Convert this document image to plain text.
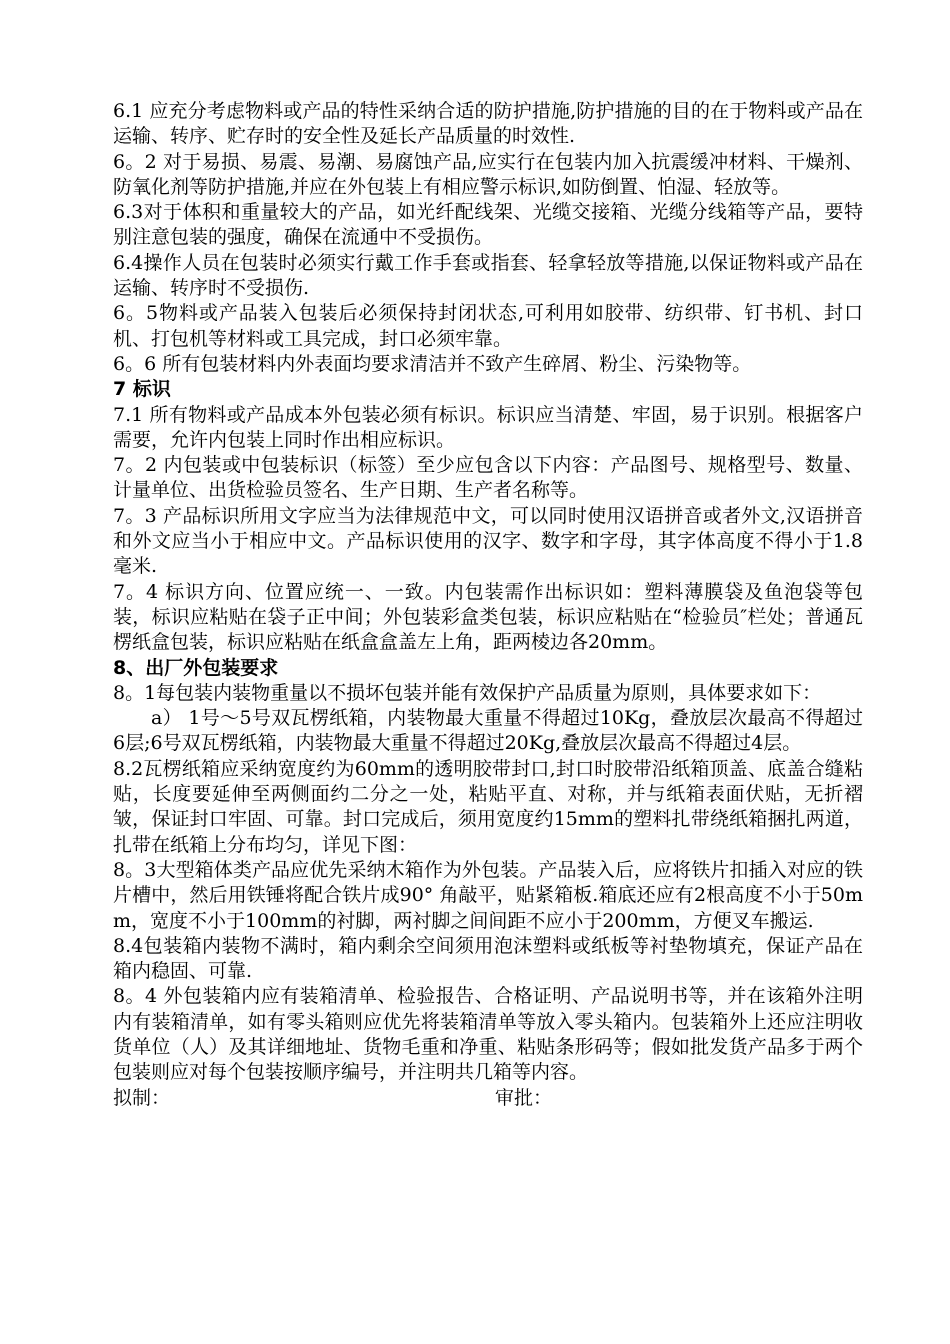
6.1 应充分考虑物料或产品的特性采纳合适的防护措施,防护措施的目的在于物料或产品在运输、转序、贮存时的安全性及延长产品质量的时效性.

6。2 对于易损、易震、易潮、易腐蚀产品,应实行在包装内加入抗震缓冲材料、干燥剂、防氧化剂等防护措施,并应在外包装上有相应警示标识,如防倒置、怕湿、轻放等。

6.3对于体积和重量较大的产品，如光纤配线架、光缆交接箱、光缆分线箱等产品，要特别注意包装的强度，确保在流通中不受损伤。

6.4操作人员在包装时必须实行戴工作手套或指套、轻拿轻放等措施,以保证物料或产品在运输、转序时不受损伤.

6。5物料或产品装入包装后必须保持封闭状态,可利用如胶带、纺织带、钉书机、封口机、打包机等材料或工具完成，封口必须牢靠。

6。6 所有包装材料内外表面均要求清洁并不致产生碎屑、粉尘、污染物等。

7 标识

7.1 所有物料或产品成本外包装必须有标识。标识应当清楚、牢固，易于识别。根据客户需要，允许内包装上同时作出相应标识。

7。2 内包装或中包装标识（标签）至少应包含以下内容：产品图号、规格型号、数量、计量单位、出货检验员签名、生产日期、生产者名称等。

7。3 产品标识所用文字应当为法律规范中文，可以同时使用汉语拼音或者外文,汉语拼音和外文应当小于相应中文。产品标识使用的汉字、数字和字母，其字体高度不得小于1.8毫米.

7。4 标识方向、位置应统一、一致。内包装需作出标识如：塑料薄膜袋及鱼泡袋等包装，标识应粘贴在袋子正中间；外包装彩盒类包装，标识应粘贴在“检验员″栏处；普通瓦楞纸盒包装，标识应粘贴在纸盒盒盖左上角，距两棱边各20mm。

8、出厂外包装要求

8。1每包装内装物重量以不损坏包装并能有效保护产品质量为原则，具体要求如下：

a） 1号～5号双瓦楞纸箱，内装物最大重量不得超过10Kg，叠放层次最高不得超过6层;6号双瓦楞纸箱，内装物最大重量不得超过20Kg,叠放层次最高不得超过4层。

8.2瓦楞纸箱应采纳宽度约为60mm的透明胶带封口,封口时胶带沿纸箱顶盖、底盖合缝粘贴，长度要延伸至两侧面约二分之一处，粘贴平直、对称，并与纸箱表面伏贴，无折褶皱，保证封口牢固、可靠。封口完成后，须用宽度约15mm的塑料扎带绕纸箱捆扎两道，扎带在纸箱上分布均匀，详见下图：

8。3大型箱体类产品应优先采纳木箱作为外包装。产品装入后，应将铁片扣插入对应的铁片槽中，然后用铁锤将配合铁片成90° 角敲平，贴紧箱板.箱底还应有2根高度不小于50mm，宽度不小于100mm的衬脚，两衬脚之间间距不应小于200mm，方便叉车搬运.

8.4包装箱内装物不满时，箱内剩余空间须用泡沫塑料或纸板等衬垫物填充，保证产品在箱内稳固、可靠.

8。4 外包装箱内应有装箱清单、检验报告、合格证明、产品说明书等，并在该箱外注明内有装箱清单，如有零头箱则应优先将装箱清单等放入零头箱内。包装箱外上还应注明收货单位（人）及其详细地址、货物毛重和净重、粘贴条形码等；假如批发货产品多于两个包装则应对每个包装按顺序编号，并注明共几箱等内容。

拟制：	审批：
